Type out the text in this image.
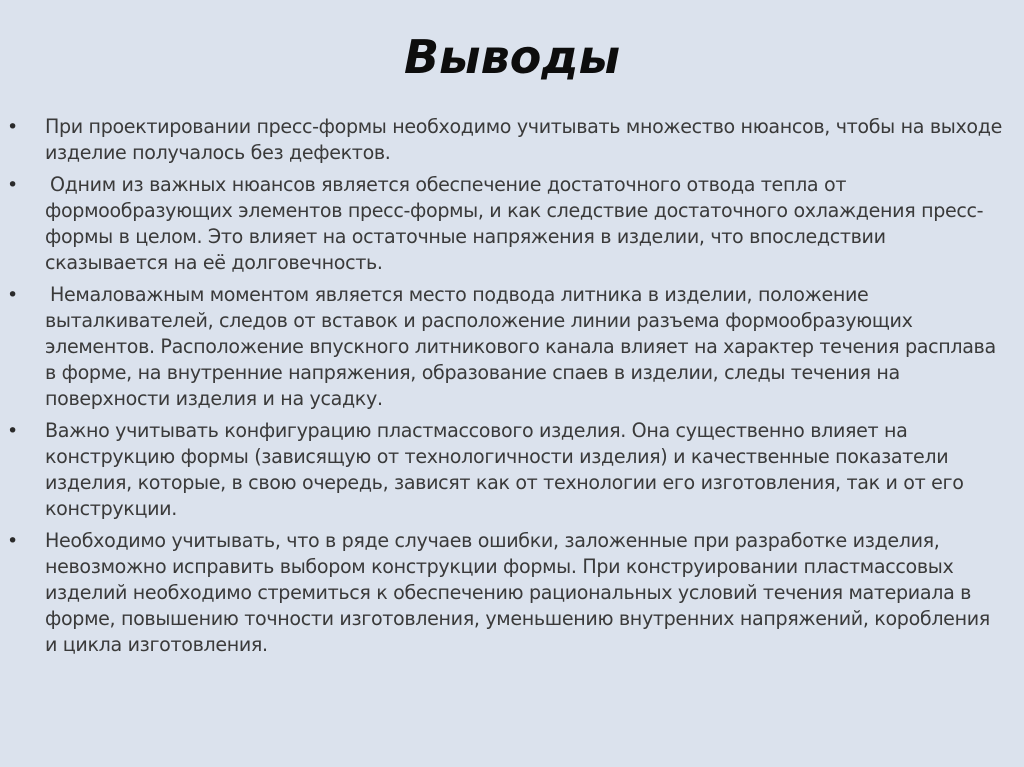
Выводы
• При проектировании пресс-формы необходимо учитывать множество нюансов, чтобы на выходе изделие получалось без дефектов.
• Одним из важных нюансов является обеспечение достаточного отвода тепла от формообразующих элементов пресс-формы, и как следствие достаточного охлаждения пресс-формы в целом. Это влияет на остаточные напряжения в изделии, что впоследствии сказывается на её долговечность.
• Немаловажным моментом является место подвода литника в изделии, положение выталкивателей, следов от вставок и расположение линии разъема формообразующих элементов. Расположение впускного литникового канала влияет на характер течения расплава в форме, на внутренние напряжения, образование спаев в изделии, следы течения на поверхности изделия и на усадку.
• Важно учитывать конфигурацию пластмассового изделия. Она существенно влияет на конструкцию формы (зависящую от технологичности изделия) и качественные показатели изделия, которые, в свою очередь, зависят как от технологии его изготовления, так и от его конструкции.
• Необходимо учитывать, что в ряде случаев ошибки, заложенные при разработке изделия, невозможно исправить выбором конструкции формы. При конструировании пластмассовых изделий необходимо стремиться к обеспечению рациональных условий течения материала в форме, повышению точности изготовления, уменьшению внутренних напряжений, коробления и цикла изготовления.
